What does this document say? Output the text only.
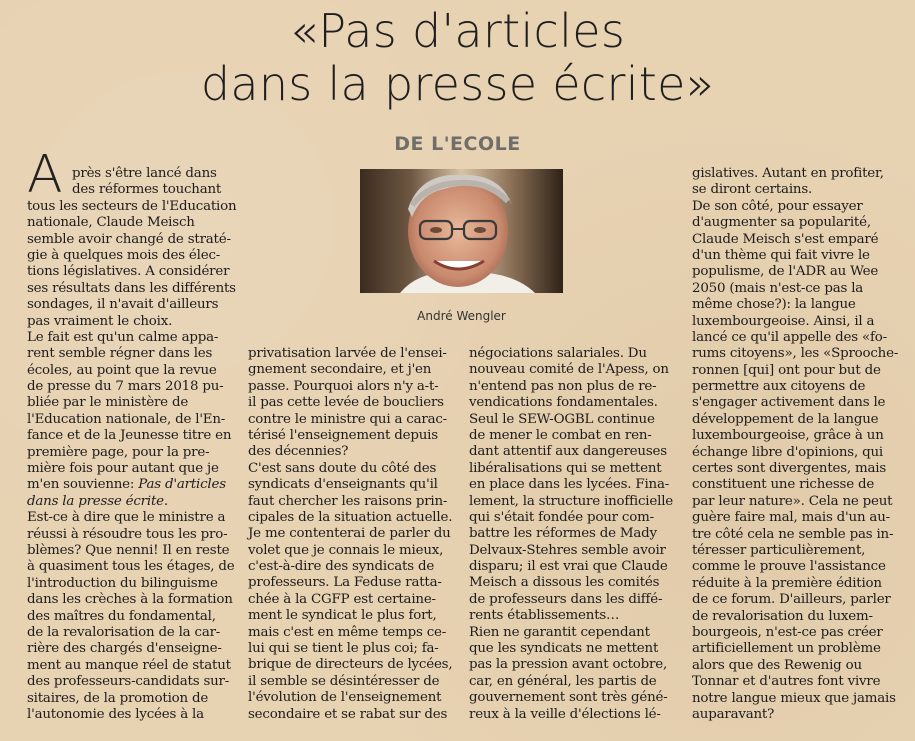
«Pas d'articles
dans la presse écrite»
DE L'ECOLE
A
André Wengler
près s'être lancé dans
des réformes touchant
tous les secteurs de l'Education
nationale, Claude Meisch
semble avoir changé de straté-
gie à quelques mois des élec-
tions législatives. A considérer
ses résultats dans les différents
sondages, il n'avait d'ailleurs
pas vraiment le choix.
Le fait est qu'un calme appa-
rent semble régner dans les
écoles, au point que la revue
de presse du 7 mars 2018 pu-
bliée par le ministère de
l'Education nationale, de l'En-
fance et de la Jeunesse titre en
première page, pour la pre-
mière fois pour autant que je
m'en souvienne: Pas d'articles
dans la presse écrite.
Est-ce à dire que le ministre a
réussi à résoudre tous les pro-
blèmes? Que nenni! Il en reste
à quasiment tous les étages, de
l'introduction du bilinguisme
dans les crèches à la formation
des maîtres du fondamental,
de la revalorisation de la car-
rière des chargés d'enseigne-
ment au manque réel de statut
des professeurs-candidats sur-
sitaires, de la promotion de
l'autonomie des lycées à la
privatisation larvée de l'ensei-
gnement secondaire, et j'en
passe. Pourquoi alors n'y a-t-
il pas cette levée de boucliers
contre le ministre qui a carac-
térisé l'enseignement depuis
des décennies?
C'est sans doute du côté des
syndicats d'enseignants qu'il
faut chercher les raisons prin-
cipales de la situation actuelle.
Je me contenterai de parler du
volet que je connais le mieux,
c'est-à-dire des syndicats de
professeurs. La Feduse ratta-
chée à la CGFP est certaine-
ment le syndicat le plus fort,
mais c'est en même temps ce-
lui qui se tient le plus coi; fa-
brique de directeurs de lycées,
il semble se désintéresser de
l'évolution de l'enseignement
secondaire et se rabat sur des
négociations salariales. Du
nouveau comité de l'Apess, on
n'entend pas non plus de re-
vendications fondamentales.
Seul le SEW-OGBL continue
de mener le combat en ren-
dant attentif aux dangereuses
libéralisations qui se mettent
en place dans les lycées. Fina-
lement, la structure inofficielle
qui s'était fondée pour com-
battre les réformes de Mady
Delvaux-Stehres semble avoir
disparu; il est vrai que Claude
Meisch a dissous les comités
de professeurs dans les diffé-
rents établissements…
Rien ne garantit cependant
que les syndicats ne mettent
pas la pression avant octobre,
car, en général, les partis de
gouvernement sont très géné-
reux à la veille d'élections lé-
gislatives. Autant en profiter,
se diront certains.
De son côté, pour essayer
d'augmenter sa popularité,
Claude Meisch s'est emparé
d'un thème qui fait vivre le
populisme, de l'ADR au Wee
2050 (mais n'est-ce pas la
même chose?): la langue
luxembourgeoise. Ainsi, il a
lancé ce qu'il appelle des «fo-
rums citoyens», les «Sprooche-
ronnen [qui] ont pour but de
permettre aux citoyens de
s'engager activement dans le
développement de la langue
luxembourgeoise, grâce à un
échange libre d'opinions, qui
certes sont divergentes, mais
constituent une richesse de
par leur nature». Cela ne peut
guère faire mal, mais d'un au-
tre côté cela ne semble pas in-
téresser particulièrement,
comme le prouve l'assistance
réduite à la première édition
de ce forum. D'ailleurs, parler
de revalorisation du luxem-
bourgeois, n'est-ce pas créer
artificiellement un problème
alors que des Rewenig ou
Tonnar et d'autres font vivre
notre langue mieux que jamais
auparavant?
